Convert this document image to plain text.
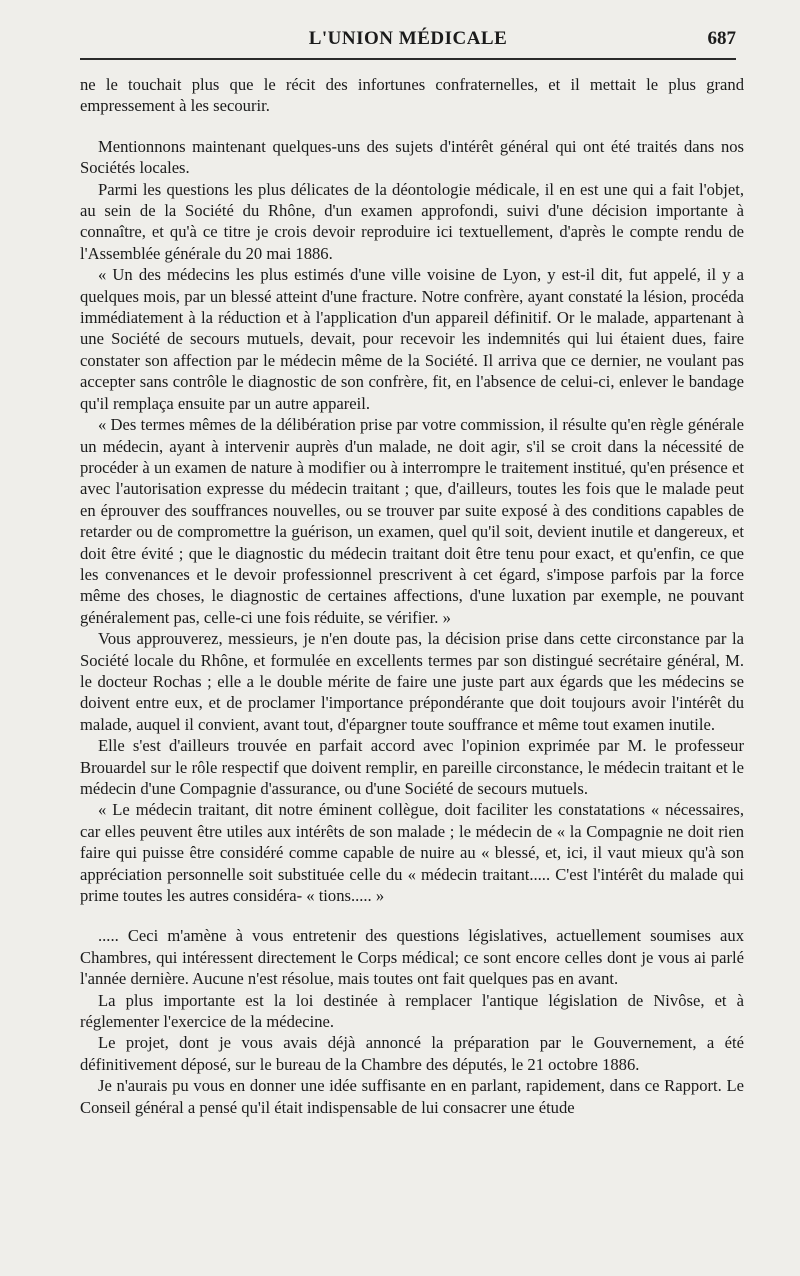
L'UNION MÉDICALE	687

ne le touchait plus que le récit des infortunes confraternelles, et il mettait le plus grand empressement à les secourir.

Mentionnons maintenant quelques-uns des sujets d'intérêt général qui ont été traités dans nos Sociétés locales.

Parmi les questions les plus délicates de la déontologie médicale, il en est une qui a fait l'objet, au sein de la Société du Rhône, d'un examen approfondi, suivi d'une décision importante à connaître, et qu'à ce titre je crois devoir reproduire ici textuellement, d'après le compte rendu de l'Assemblée générale du 20 mai 1886.

« Un des médecins les plus estimés d'une ville voisine de Lyon, y est-il dit, fut appelé, il y a quelques mois, par un blessé atteint d'une fracture. Notre confrère, ayant constaté la lésion, procéda immédiatement à la réduction et à l'application d'un appareil définitif. Or le malade, appartenant à une Société de secours mutuels, devait, pour recevoir les indemnités qui lui étaient dues, faire constater son affection par le médecin même de la Société. Il arriva que ce dernier, ne voulant pas accepter sans contrôle le diagnostic de son confrère, fit, en l'absence de celui-ci, enlever le bandage qu'il remplaça ensuite par un autre appareil.

« Des termes mêmes de la délibération prise par votre commission, il résulte qu'en règle générale un médecin, ayant à intervenir auprès d'un malade, ne doit agir, s'il se croit dans la nécessité de procéder à un examen de nature à modifier ou à interrompre le traitement institué, qu'en présence et avec l'autorisation expresse du médecin traitant ; que, d'ailleurs, toutes les fois que le malade peut en éprouver des souffrances nouvelles, ou se trouver par suite exposé à des conditions capables de retarder ou de compromettre la guérison, un examen, quel qu'il soit, devient inutile et dangereux, et doit être évité ; que le diagnostic du médecin traitant doit être tenu pour exact, et qu'enfin, ce que les convenances et le devoir professionnel prescrivent à cet égard, s'impose parfois par la force même des choses, le diagnostic de certaines affections, d'une luxation par exemple, ne pouvant généralement pas, celle-ci une fois réduite, se vérifier. »

Vous approuverez, messieurs, je n'en doute pas, la décision prise dans cette circonstance par la Société locale du Rhône, et formulée en excellents termes par son distingué secrétaire général, M. le docteur Rochas ; elle a le double mérite de faire une juste part aux égards que les médecins se doivent entre eux, et de proclamer l'importance prépondérante que doit toujours avoir l'intérêt du malade, auquel il convient, avant tout, d'épargner toute souffrance et même tout examen inutile.

Elle s'est d'ailleurs trouvée en parfait accord avec l'opinion exprimée par M. le professeur Brouardel sur le rôle respectif que doivent remplir, en pareille circonstance, le médecin traitant et le médecin d'une Compagnie d'assurance, ou d'une Société de secours mutuels.

« Le médecin traitant, dit notre éminent collègue, doit faciliter les constatations « nécessaires, car elles peuvent être utiles aux intérêts de son malade ; le médecin de « la Compagnie ne doit rien faire qui puisse être considéré comme capable de nuire au « blessé, et, ici, il vaut mieux qu'à son appréciation personnelle soit substituée celle du « médecin traitant..... C'est l'intérêt du malade qui prime toutes les autres considéra- « tions..... »

..... Ceci m'amène à vous entretenir des questions législatives, actuellement soumises aux Chambres, qui intéressent directement le Corps médical; ce sont encore celles dont je vous ai parlé l'année dernière. Aucune n'est résolue, mais toutes ont fait quelques pas en avant.

La plus importante est la loi destinée à remplacer l'antique législation de Nivôse, et à réglementer l'exercice de la médecine.

Le projet, dont je vous avais déjà annoncé la préparation par le Gouvernement, a été définitivement déposé, sur le bureau de la Chambre des députés, le 21 octobre 1886.

Je n'aurais pu vous en donner une idée suffisante en en parlant, rapidement, dans ce Rapport. Le Conseil général a pensé qu'il était indispensable de lui consacrer une étude
